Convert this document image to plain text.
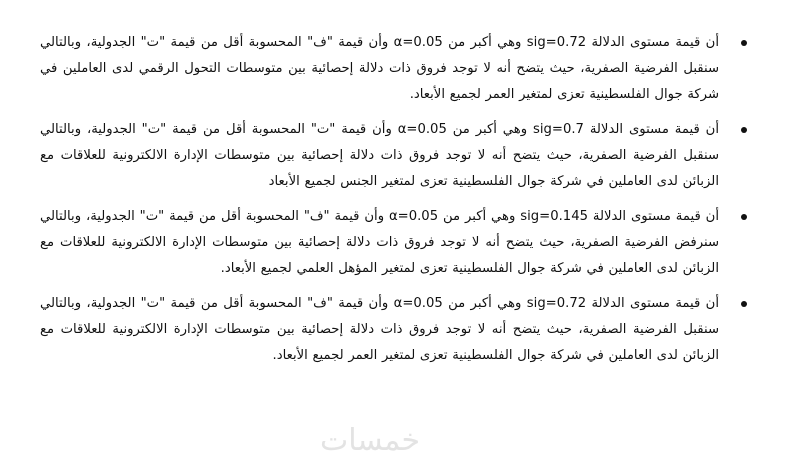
أن قيمة مستوى الدلالة sig=0.72 وهي أكبر من α=0.05 وأن قيمة "ف" المحسوبة أقل من قيمة "ت" الجدولية، وبالتالي سنقبل الفرضية الصفرية، حيث يتضح أنه لا توجد فروق ذات دلالة إحصائية بين متوسطات التحول الرقمي لدى العاملين في شركة جوال الفلسطينية تعزى لمتغير العمر لجميع الأبعاد.

أن قيمة مستوى الدلالة sig=0.7 وهي أكبر من α=0.05 وأن قيمة "ت" المحسوبة أقل من قيمة "ت" الجدولية، وبالتالي سنقبل الفرضية الصفرية، حيث يتضح أنه لا توجد فروق ذات دلالة إحصائية بين متوسطات الإدارة الالكترونية للعلاقات مع الزبائن لدى العاملين في شركة جوال الفلسطينية تعزى لمتغير الجنس لجميع الأبعاد

أن قيمة مستوى الدلالة sig=0.145 وهي أكبر من α=0.05 وأن قيمة "ف" المحسوبة أقل من قيمة "ت" الجدولية، وبالتالي سنرفض الفرضية الصفرية، حيث يتضح أنه لا توجد فروق ذات دلالة إحصائية بين متوسطات الإدارة الالكترونية للعلاقات مع الزبائن لدى العاملين في شركة جوال الفلسطينية تعزى لمتغير المؤهل العلمي لجميع الأبعاد.

أن قيمة مستوى الدلالة sig=0.72 وهي أكبر من α=0.05 وأن قيمة "ف" المحسوبة أقل من قيمة "ت" الجدولية، وبالتالي سنقبل الفرضية الصفرية، حيث يتضح أنه لا توجد فروق ذات دلالة إحصائية بين متوسطات الإدارة الالكترونية للعلاقات مع الزبائن لدى العاملين في شركة جوال الفلسطينية تعزى لمتغير العمر لجميع الأبعاد.

خمسات
